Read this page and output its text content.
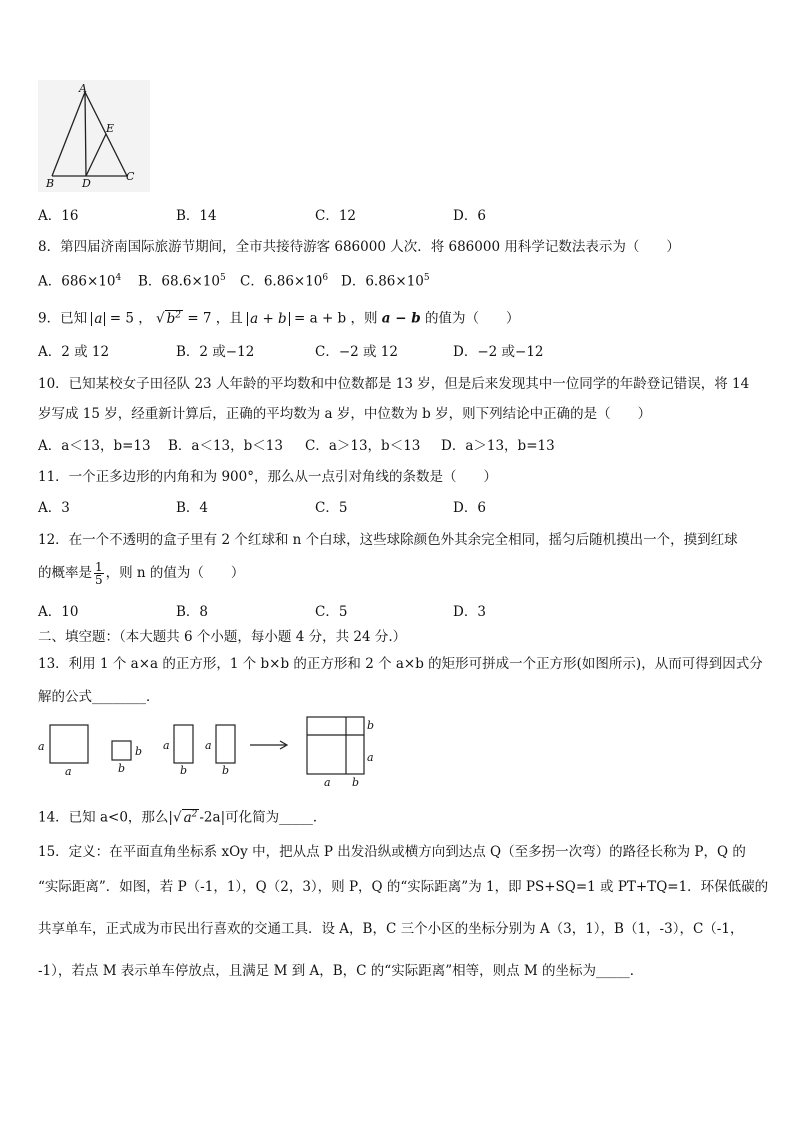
A
B	D
C
E
A．16	B．14	C．12	D．6
8．第四届济南国际旅游节期间，全市共接待游客 686000 人次．将 686000 用科学记数法表示为（　　）
A．$686\times 10^4$ B．$68.6\times 10^5$ C．$6.86\times 10^6$ D．$6.86\times 10^5$
9．已知 a = 5 ， √ $b^2 = 7$ ，且 a + b = a + b ，则 a − b 的值为（　　）
A．2 或 12	B．2 或−12	C．−2 或 12	D．−2 或−12
10．已知某校女子田径队 23 人年龄的平均数和中位数都是 13 岁，但是后来发现其中一位同学的年龄登记错误，将 14
岁写成 15 岁，经重新计算后，正确的平均数为 a 岁，中位数为 b 岁，则下列结论中正确的是（　　）
A．a＜13，b=13 B．a＜13，b＜13 C．a＞13，b＜13 D．a＞13，b=13
11．一个正多边形的内角和为 900°，那么从一点引对角线的条数是（　　）
A．3	B．4	C．5	D．6
12．在一个不透明的盒子里有 2 个红球和 n 个白球，这些球除颜色外其余完全相同，摇匀后随机摸出一个，摸到红球
的概率是 $\frac{1}{5}$ ，则 n 的值为（　　）
A．10	B．8	C．5	D．3
二、填空题：（本大题共 6 个小题，每小题 4 分，共 24 分.）
13．利用 1 个 a×a 的正方形，1 个 b×b 的正方形和 2 个 a×b 的矩形可拼成一个正方形(如图所示)，从而可得到因式分
解的公式________．
a
a
b
b
a
b
a
b
b
a
a b
14．已知 a<0，那么|√ $a^2$ -2a|可化简为_____．
15．定义：在平面直角坐标系 xOy 中，把从点 P 出发沿纵或横方向到达点 Q（至多拐一次弯）的路径长称为 P，Q 的
“实际距离”．如图，若 P（-1，1），Q（2，3），则 P，Q 的“实际距离”为 1，即 PS+SQ=1 或 PT+TQ=1．环保低碳的
共享单车，正式成为市民出行喜欢的交通工具．设 A，B，C 三个小区的坐标分别为 A（3，1），B（1，-3），C（-1，
-1），若点 M 表示单车停放点，且满足 M 到 A，B，C 的“实际距离”相等，则点 M 的坐标为_____．
